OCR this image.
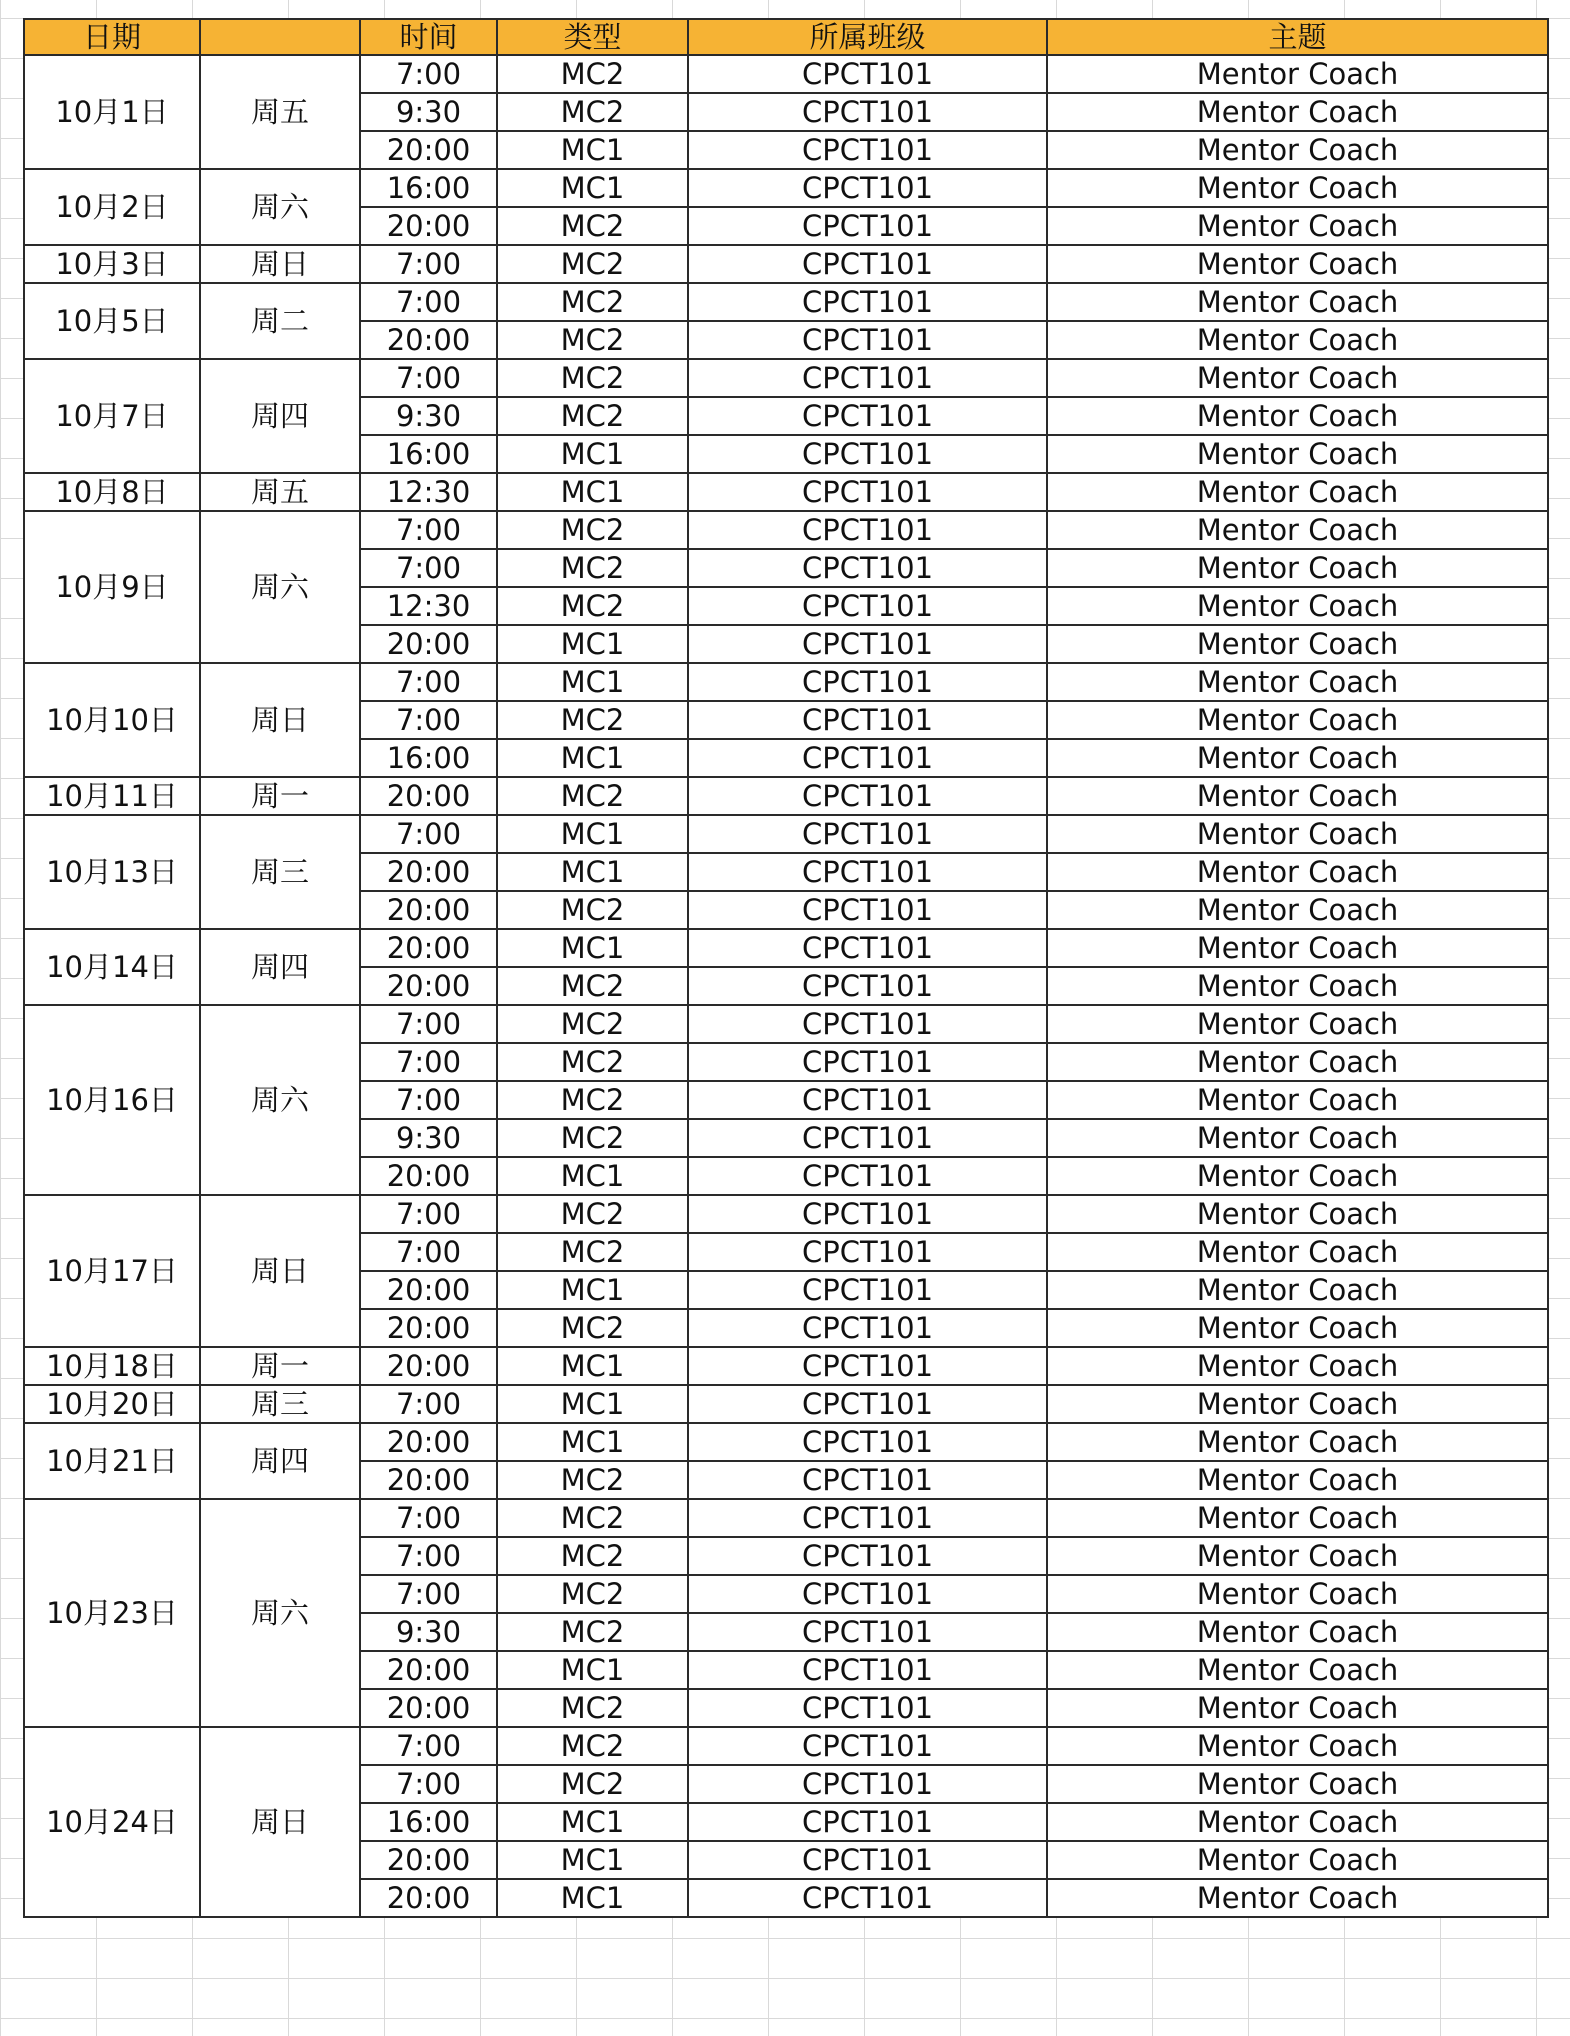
日期		时间	类型	所属班级	主题
10月1日	周五	7:00	MC2	CPCT101	Mentor Coach
		9:30	MC2	CPCT101	Mentor Coach
		20:00	MC1	CPCT101	Mentor Coach
10月2日	周六	16:00	MC1	CPCT101	Mentor Coach
		20:00	MC2	CPCT101	Mentor Coach
10月3日	周日	7:00	MC2	CPCT101	Mentor Coach
10月5日	周二	7:00	MC2	CPCT101	Mentor Coach
		20:00	MC2	CPCT101	Mentor Coach
10月7日	周四	7:00	MC2	CPCT101	Mentor Coach
		9:30	MC2	CPCT101	Mentor Coach
		16:00	MC1	CPCT101	Mentor Coach
10月8日	周五	12:30	MC1	CPCT101	Mentor Coach
10月9日	周六	7:00	MC2	CPCT101	Mentor Coach
		7:00	MC2	CPCT101	Mentor Coach
		12:30	MC2	CPCT101	Mentor Coach
		20:00	MC1	CPCT101	Mentor Coach
10月10日	周日	7:00	MC1	CPCT101	Mentor Coach
		7:00	MC2	CPCT101	Mentor Coach
		16:00	MC1	CPCT101	Mentor Coach
10月11日	周一	20:00	MC2	CPCT101	Mentor Coach
10月13日	周三	7:00	MC1	CPCT101	Mentor Coach
		20:00	MC1	CPCT101	Mentor Coach
		20:00	MC2	CPCT101	Mentor Coach
10月14日	周四	20:00	MC1	CPCT101	Mentor Coach
		20:00	MC2	CPCT101	Mentor Coach
10月16日	周六	7:00	MC2	CPCT101	Mentor Coach
		7:00	MC2	CPCT101	Mentor Coach
		7:00	MC2	CPCT101	Mentor Coach
		9:30	MC2	CPCT101	Mentor Coach
		20:00	MC1	CPCT101	Mentor Coach
10月17日	周日	7:00	MC2	CPCT101	Mentor Coach
		7:00	MC2	CPCT101	Mentor Coach
		20:00	MC1	CPCT101	Mentor Coach
		20:00	MC2	CPCT101	Mentor Coach
10月18日	周一	20:00	MC1	CPCT101	Mentor Coach
10月20日	周三	7:00	MC1	CPCT101	Mentor Coach
10月21日	周四	20:00	MC1	CPCT101	Mentor Coach
		20:00	MC2	CPCT101	Mentor Coach
10月23日	周六	7:00	MC2	CPCT101	Mentor Coach
		7:00	MC2	CPCT101	Mentor Coach
		7:00	MC2	CPCT101	Mentor Coach
		9:30	MC2	CPCT101	Mentor Coach
		20:00	MC1	CPCT101	Mentor Coach
		20:00	MC2	CPCT101	Mentor Coach
10月24日	周日	7:00	MC2	CPCT101	Mentor Coach
		7:00	MC2	CPCT101	Mentor Coach
		16:00	MC1	CPCT101	Mentor Coach
		20:00	MC1	CPCT101	Mentor Coach
		20:00	MC1	CPCT101	Mentor Coach
